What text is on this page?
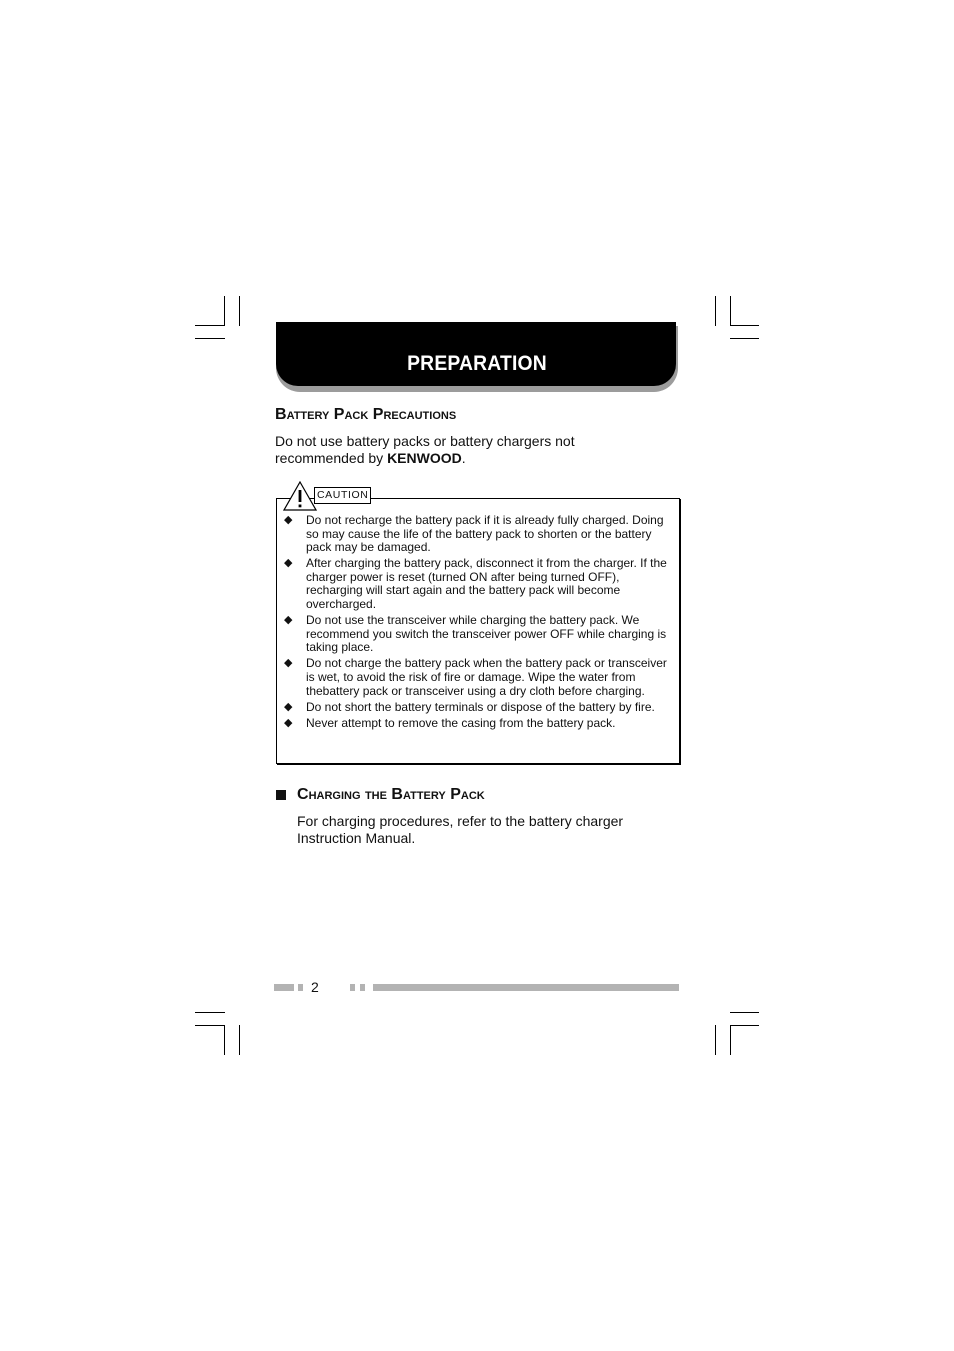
PREPARATION
Battery Pack Precautions
Do not use battery packs or battery chargers not recommended by KENWOOD.
CAUTION
◆ Do not recharge the battery pack if it is already fully charged. Doing so may cause the life of the battery pack to shorten or the battery pack may be damaged.
◆ After charging the battery pack, disconnect it from the charger. If the charger power is reset (turned ON after being turned OFF), recharging will start again and the battery pack will become overcharged.
◆ Do not use the transceiver while charging the battery pack. We recommend you switch the transceiver power OFF while charging is taking place.
◆ Do not charge the battery pack when the battery pack or transceiver is wet, to avoid the risk of fire or damage. Wipe the water from thebattery pack or transceiver using a dry cloth before charging.
◆ Do not short the battery terminals or dispose of the battery by fire.
◆ Never attempt to remove the casing from the battery pack.
Charging the Battery Pack
For charging procedures, refer to the battery charger Instruction Manual.
2
